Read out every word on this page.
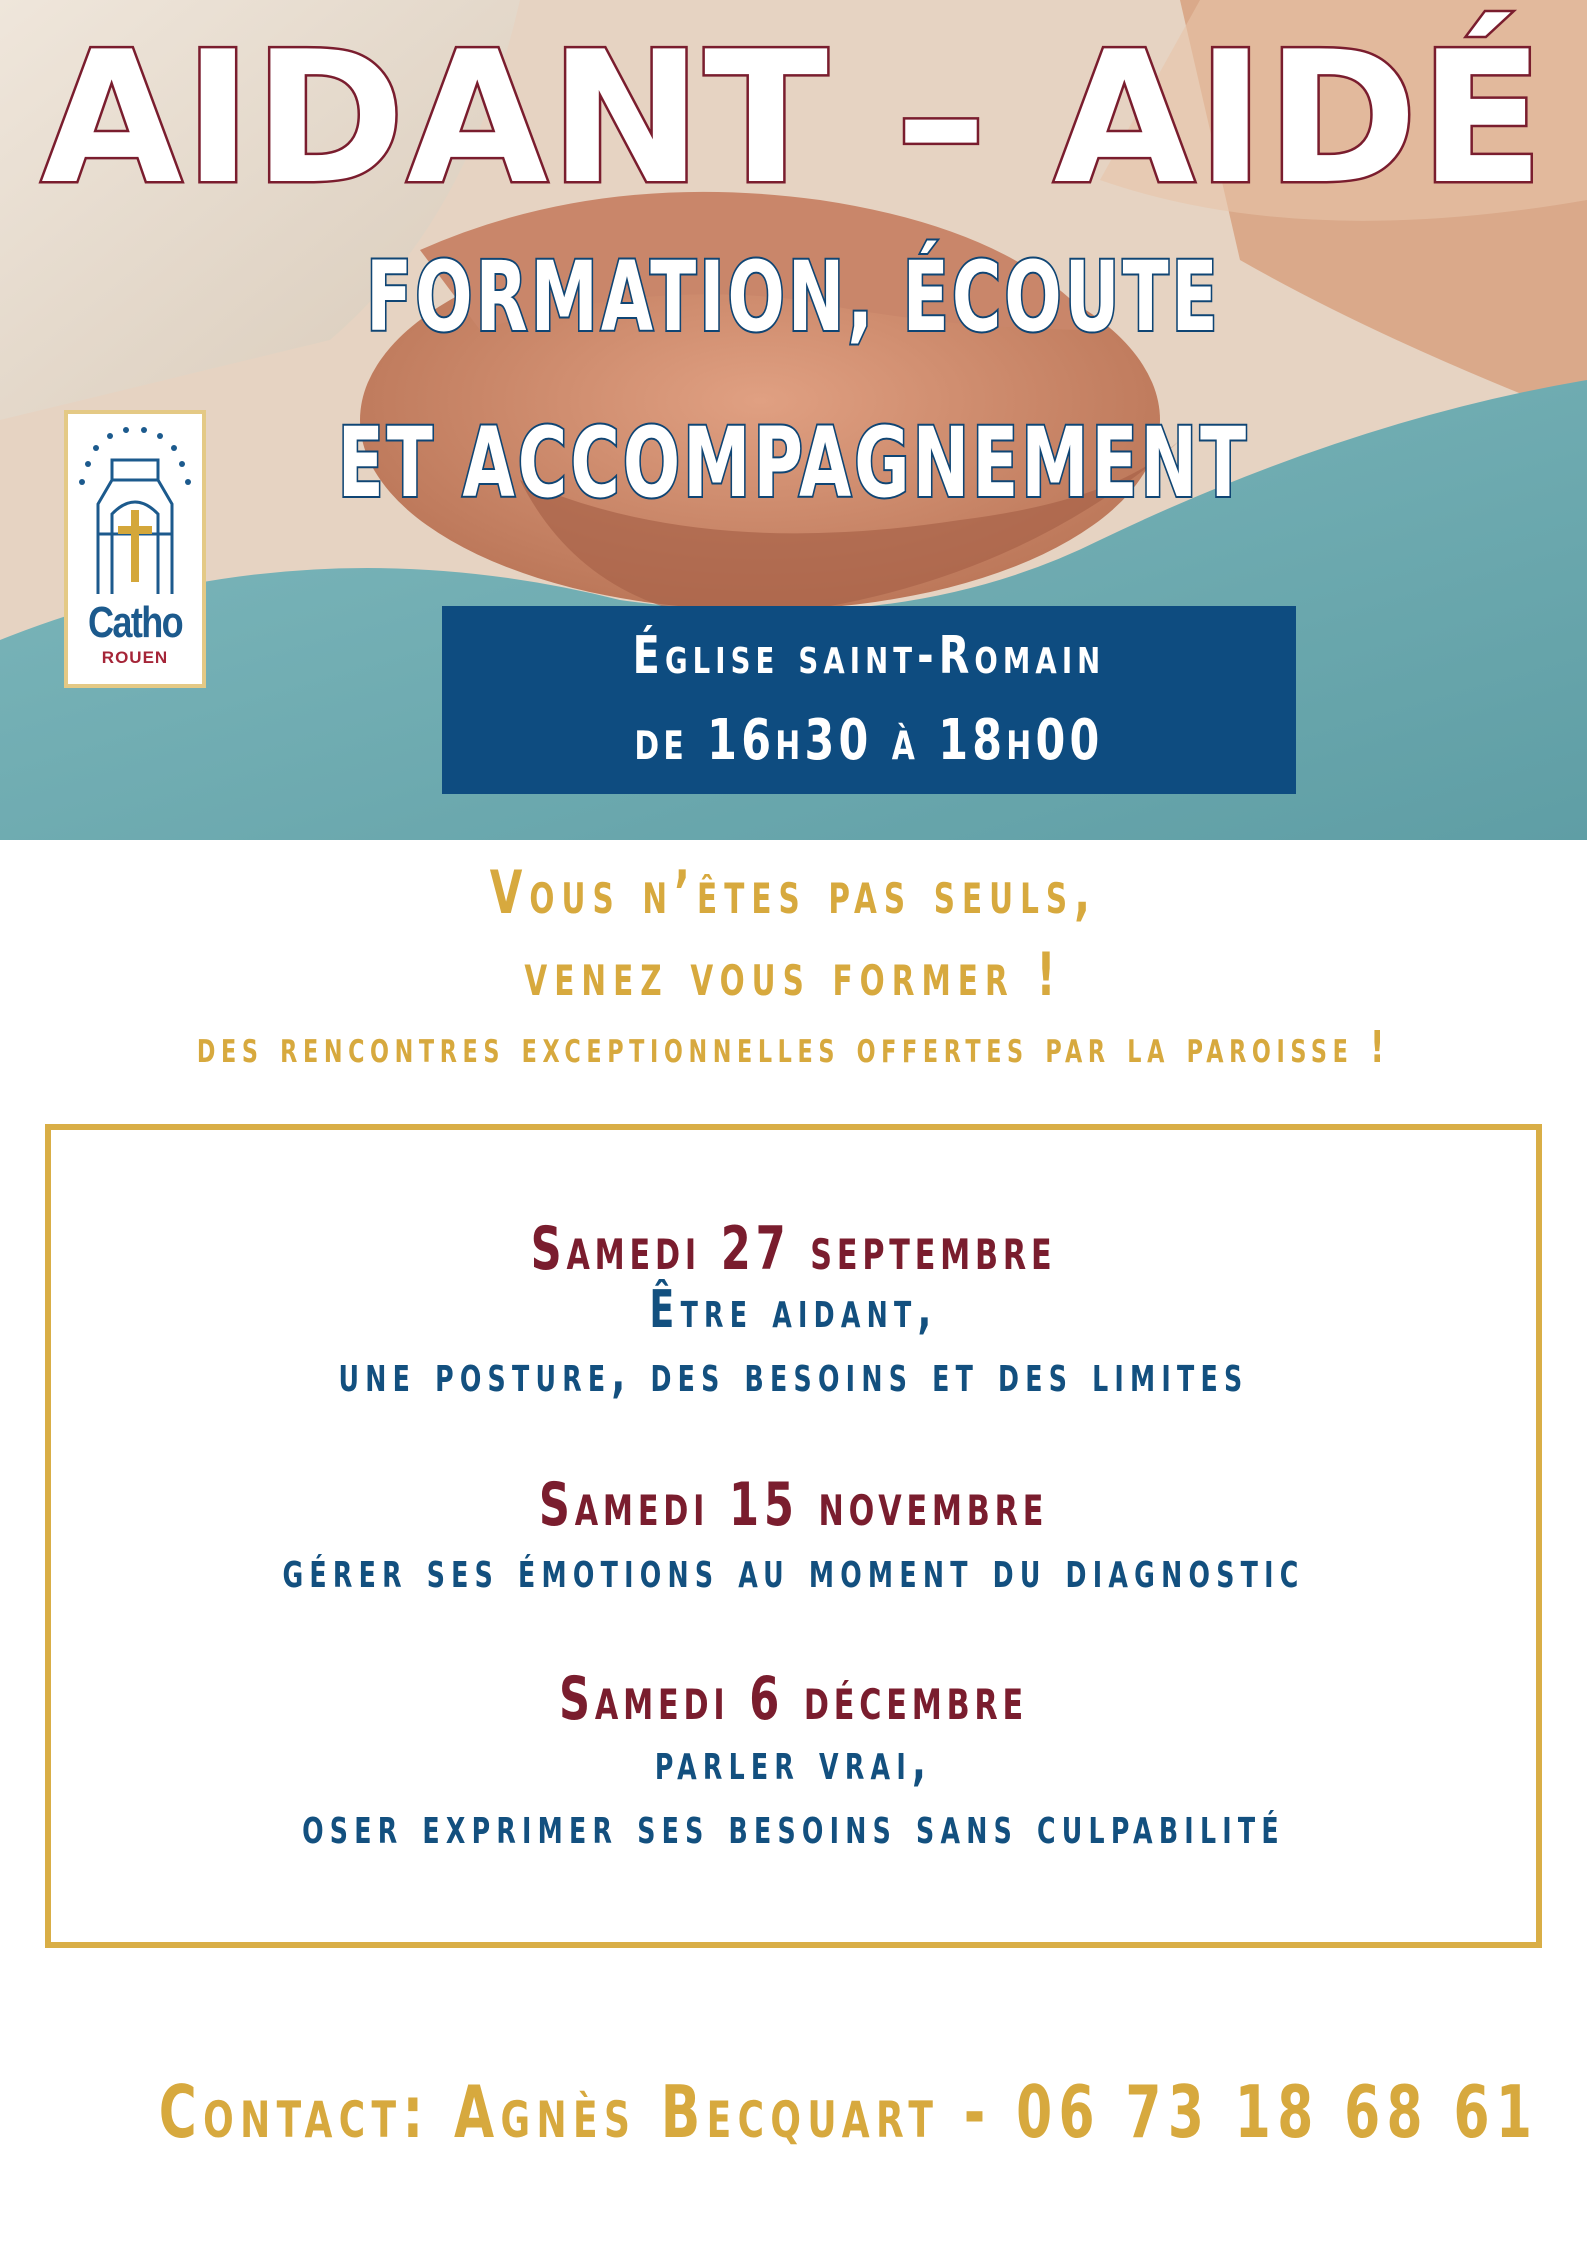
AIDANT – AIDÉ
FORMATION, ÉCOUTE
ET ACCOMPAGNEMENT
Catho
ROUEN	Église saint-Romain
de 16h30 à 18h00
Vous n’êtes pas seuls,
venez vous former !
des rencontres exceptionnelles offertes par la paroisse !
Samedi 27 septembre
Être aidant,
une posture, des besoins et des limites
Samedi 15 novembre
gérer ses émotions au moment du diagnostic
Samedi 6 décembre
parler vrai,
oser exprimer ses besoins sans culpabilité
Contact: Agnès Becquart - 06 73 18 68 61
